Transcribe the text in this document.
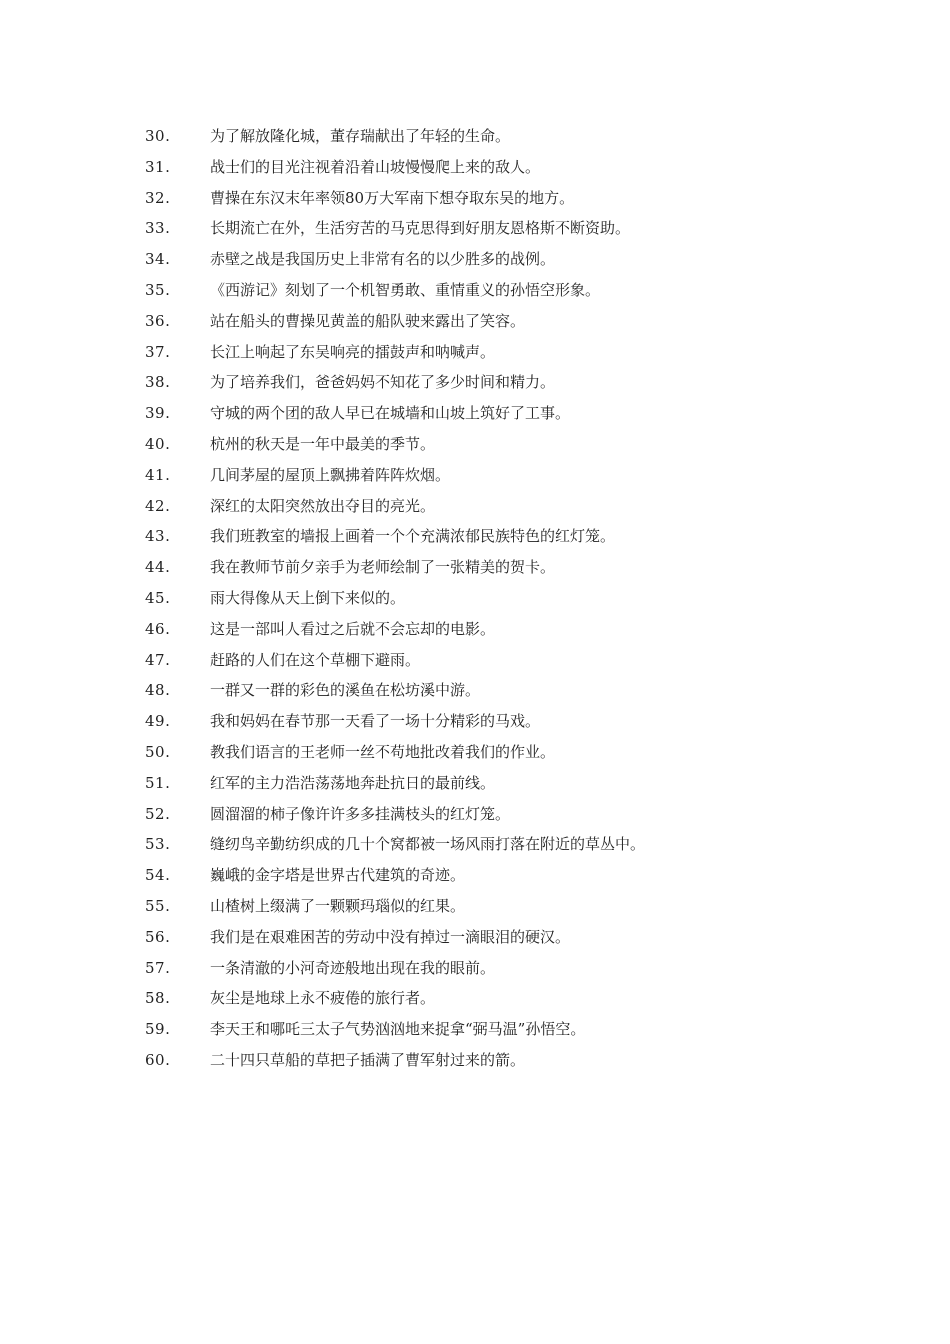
30.	为了解放隆化城，董存瑞献出了年轻的生命。
31.	战士们的目光注视着沿着山坡慢慢爬上来的敌人。
32.	曹操在东汉末年率领80万大军南下想夺取东吴的地方。
33.	长期流亡在外，生活穷苦的马克思得到好朋友恩格斯不断资助。
34.	赤壁之战是我国历史上非常有名的以少胜多的战例。
35.	《西游记》刻划了一个机智勇敢、重情重义的孙悟空形象。
36.	站在船头的曹操见黄盖的船队驶来露出了笑容。
37.	长江上响起了东吴响亮的擂鼓声和呐喊声。
38.	为了培养我们，爸爸妈妈不知花了多少时间和精力。
39.	守城的两个团的敌人早已在城墙和山坡上筑好了工事。
40.	杭州的秋天是一年中最美的季节。
41.	几间茅屋的屋顶上飘拂着阵阵炊烟。
42.	深红的太阳突然放出夺目的亮光。
43.	我们班教室的墙报上画着一个个充满浓郁民族特色的红灯笼。
44.	我在教师节前夕亲手为老师绘制了一张精美的贺卡。
45.	雨大得像从天上倒下来似的。
46.	这是一部叫人看过之后就不会忘却的电影。
47.	赶路的人们在这个草棚下避雨。
48.	一群又一群的彩色的溪鱼在松坊溪中游。
49.	我和妈妈在春节那一天看了一场十分精彩的马戏。
50.	教我们语言的王老师一丝不苟地批改着我们的作业。
51.	红军的主力浩浩荡荡地奔赴抗日的最前线。
52.	圆溜溜的柿子像许许多多挂满枝头的红灯笼。
53.	缝纫鸟辛勤纺织成的几十个窝都被一场风雨打落在附近的草丛中。
54.	巍峨的金字塔是世界古代建筑的奇迹。
55.	山楂树上缀满了一颗颗玛瑙似的红果。
56.	我们是在艰难困苦的劳动中没有掉过一滴眼泪的硬汉。
57.	一条清澈的小河奇迹般地出现在我的眼前。
58.	灰尘是地球上永不疲倦的旅行者。
59.	李天王和哪吒三太子气势汹汹地来捉拿“弼马温”孙悟空。
60.	二十四只草船的草把子插满了曹军射过来的箭。
